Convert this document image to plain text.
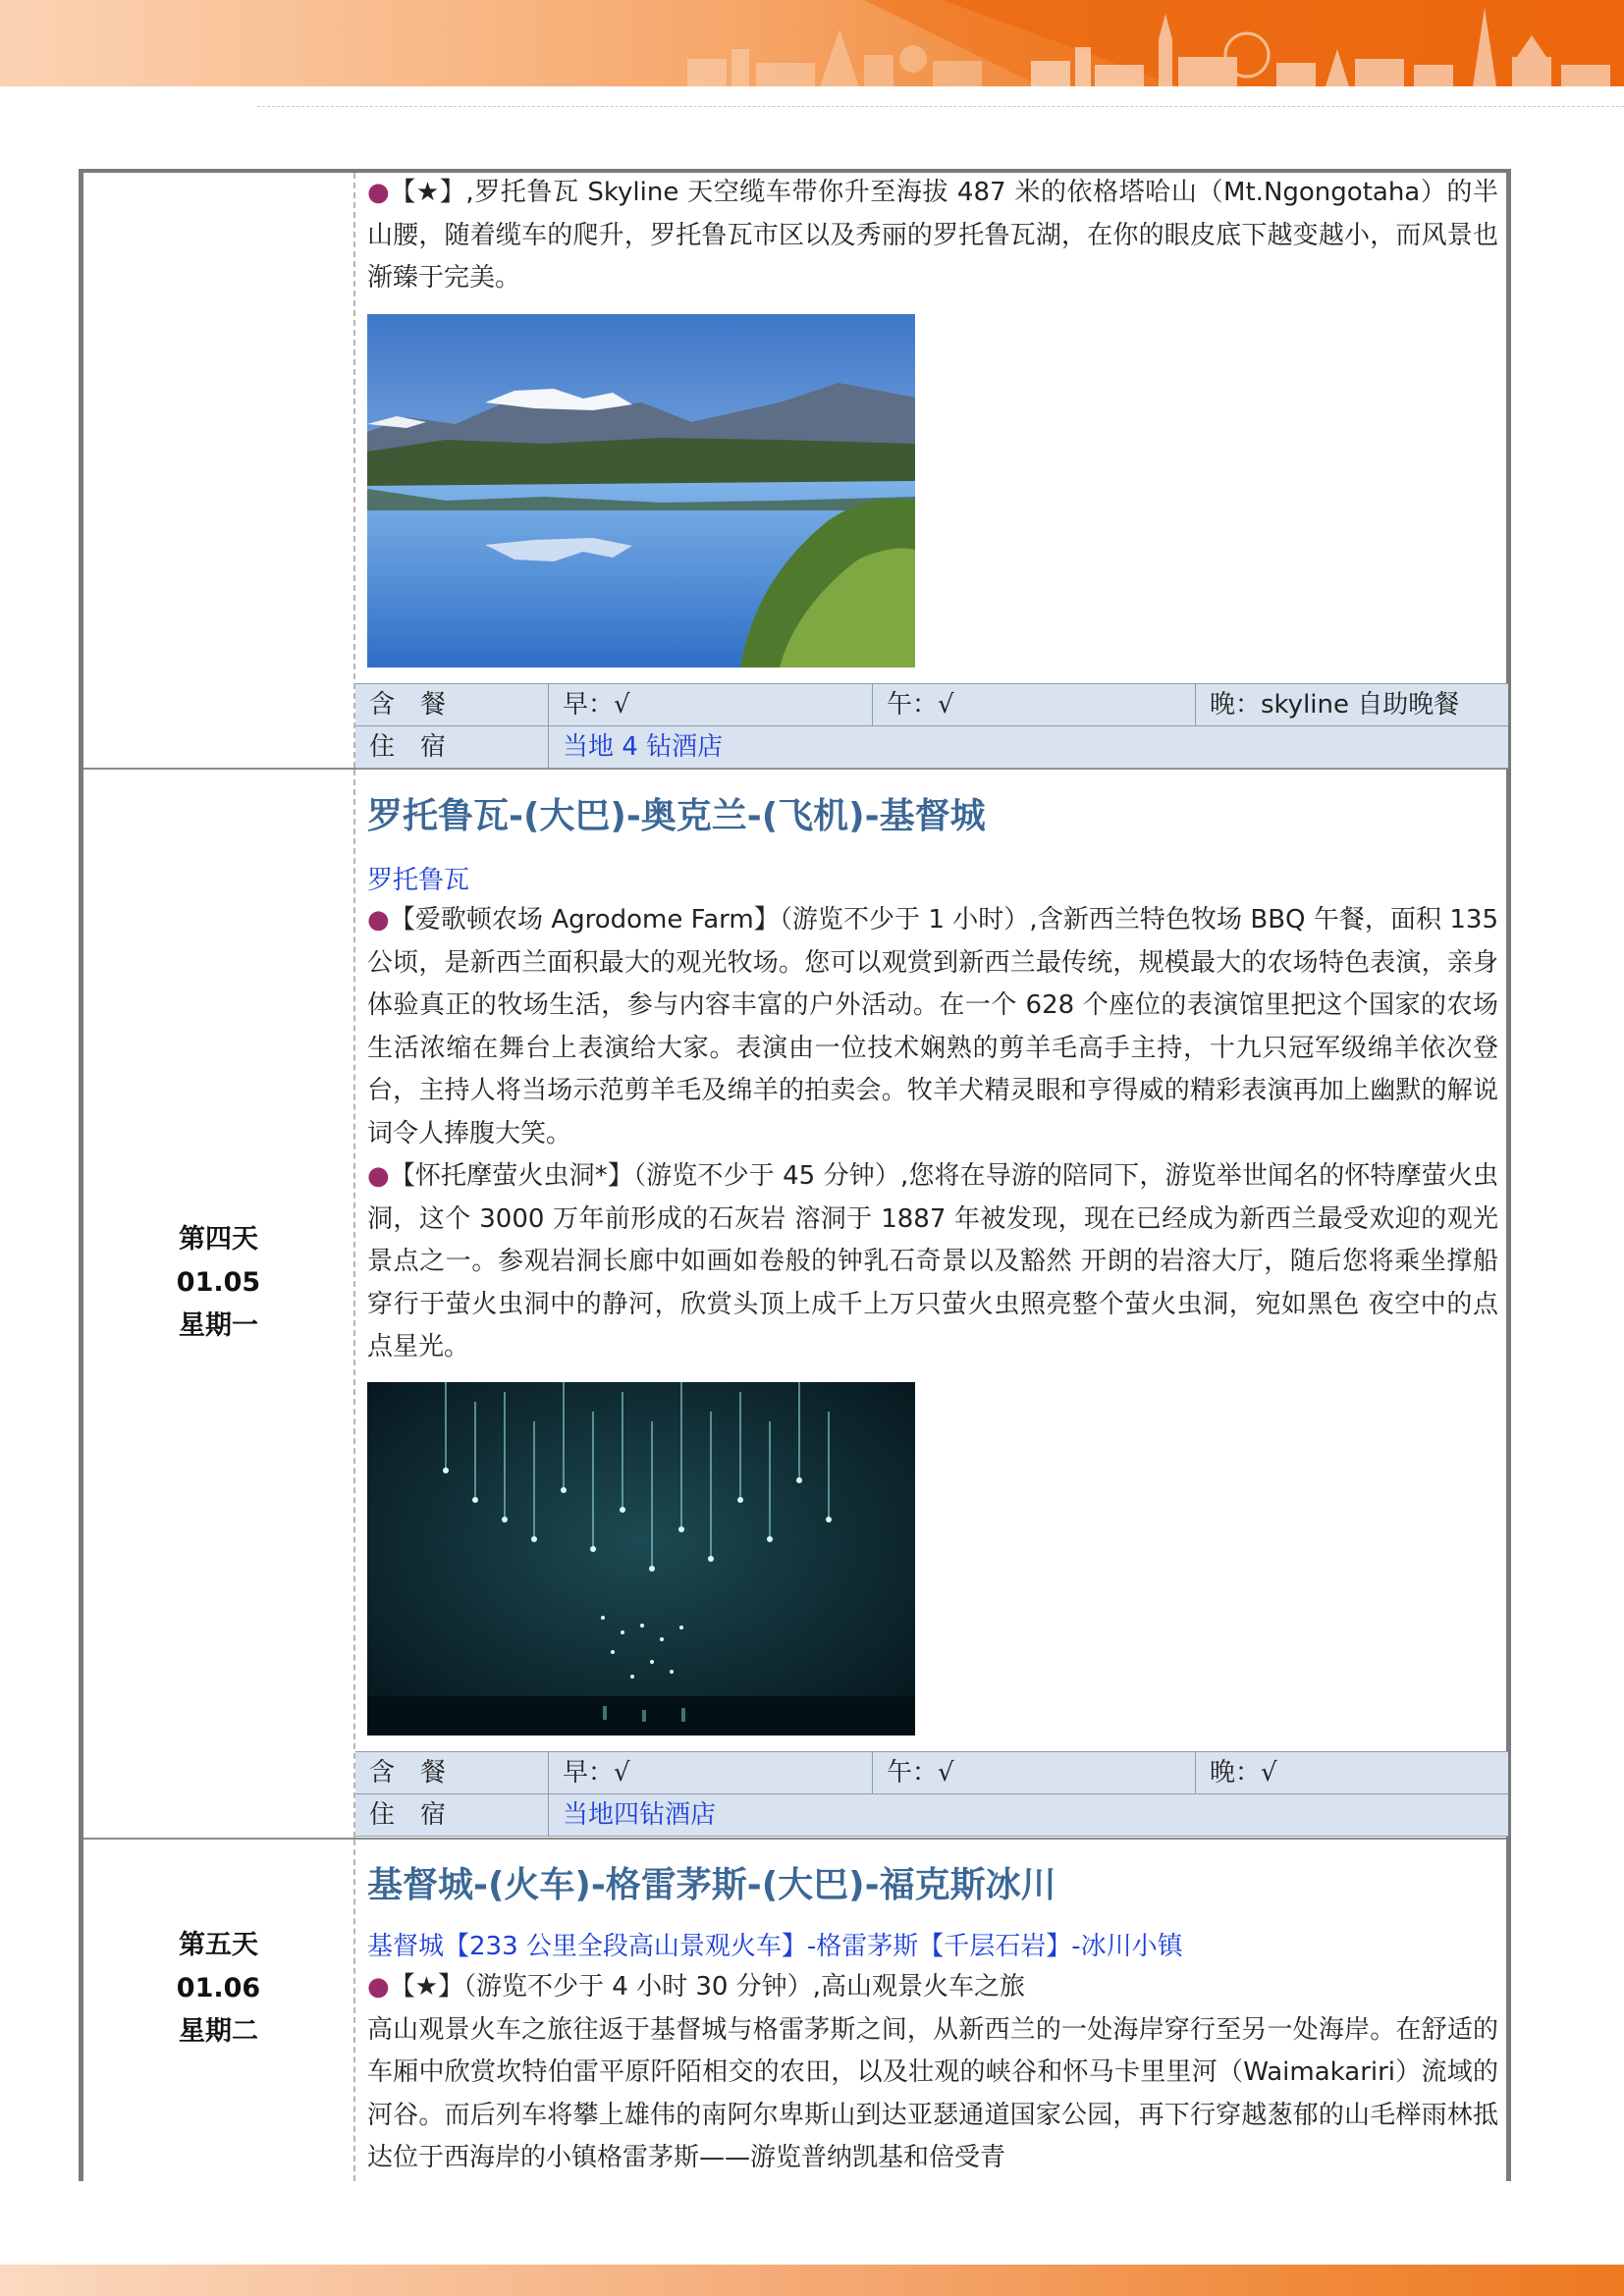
●【★】,罗托鲁瓦 Skyline 天空缆车带你升至海拔 487 米的依格塔哈山（Mt.Ngongotaha）的半山腰，随着缆车的爬升，罗托鲁瓦市区以及秀丽的罗托鲁瓦湖，在你的眼皮底下越变越小，而风景也渐臻于完美。

含　餐	早：√	午：√	晚：skyline 自助晚餐
住　宿	当地 4 钻酒店
第四天
01.05
星期一
罗托鲁瓦-(大巴)-奥克兰-(飞机)-基督城
罗托鲁瓦

●【爱歌顿农场 Agrodome Farm】（游览不少于 1 小时）,含新西兰特色牧场 BBQ 午餐，面积 135 公顷，是新西兰面积最大的观光牧场。您可以观赏到新西兰最传统，规模最大的农场特色表演，亲身体验真正的牧场生活，参与内容丰富的户外活动。在一个 628 个座位的表演馆里把这个国家的农场生活浓缩在舞台上表演给大家。表演由一位技术娴熟的剪羊毛高手主持，十九只冠军级绵羊依次登台，主持人将当场示范剪羊毛及绵羊的拍卖会。牧羊犬精灵眼和亨得威的精彩表演再加上幽默的解说词令人捧腹大笑。

●【怀托摩萤火虫洞*】（游览不少于 45 分钟）,您将在导游的陪同下，游览举世闻名的怀特摩萤火虫洞，这个 3000 万年前形成的石灰岩 溶洞于 1887 年被发现，现在已经成为新西兰最受欢迎的观光景点之一。参观岩洞长廊中如画如卷般的钟乳石奇景以及豁然 开朗的岩溶大厅，随后您将乘坐撑船穿行于萤火虫洞中的静河，欣赏头顶上成千上万只萤火虫照亮整个萤火虫洞，宛如黑色 夜空中的点点星光。

含　餐	早：√	午：√	晚：√
住　宿	当地四钻酒店
第五天
01.06
星期二
基督城-(火车)-格雷茅斯-(大巴)-福克斯冰川
基督城【233 公里全段高山景观火车】-格雷茅斯【千层石岩】-冰川小镇

●【★】（游览不少于 4 小时 30 分钟）,高山观景火车之旅

高山观景火车之旅往返于基督城与格雷茅斯之间，从新西兰的一处海岸穿行至另一处海岸。在舒适的车厢中欣赏坎特伯雷平原阡陌相交的农田，以及壮观的峡谷和怀马卡里里河（Waimakariri）流域的河谷。而后列车将攀上雄伟的南阿尔卑斯山到达亚瑟通道国家公园，再下行穿越葱郁的山毛榉雨林抵达位于西海岸的小镇格雷茅斯——游览普纳凯基和倍受青
